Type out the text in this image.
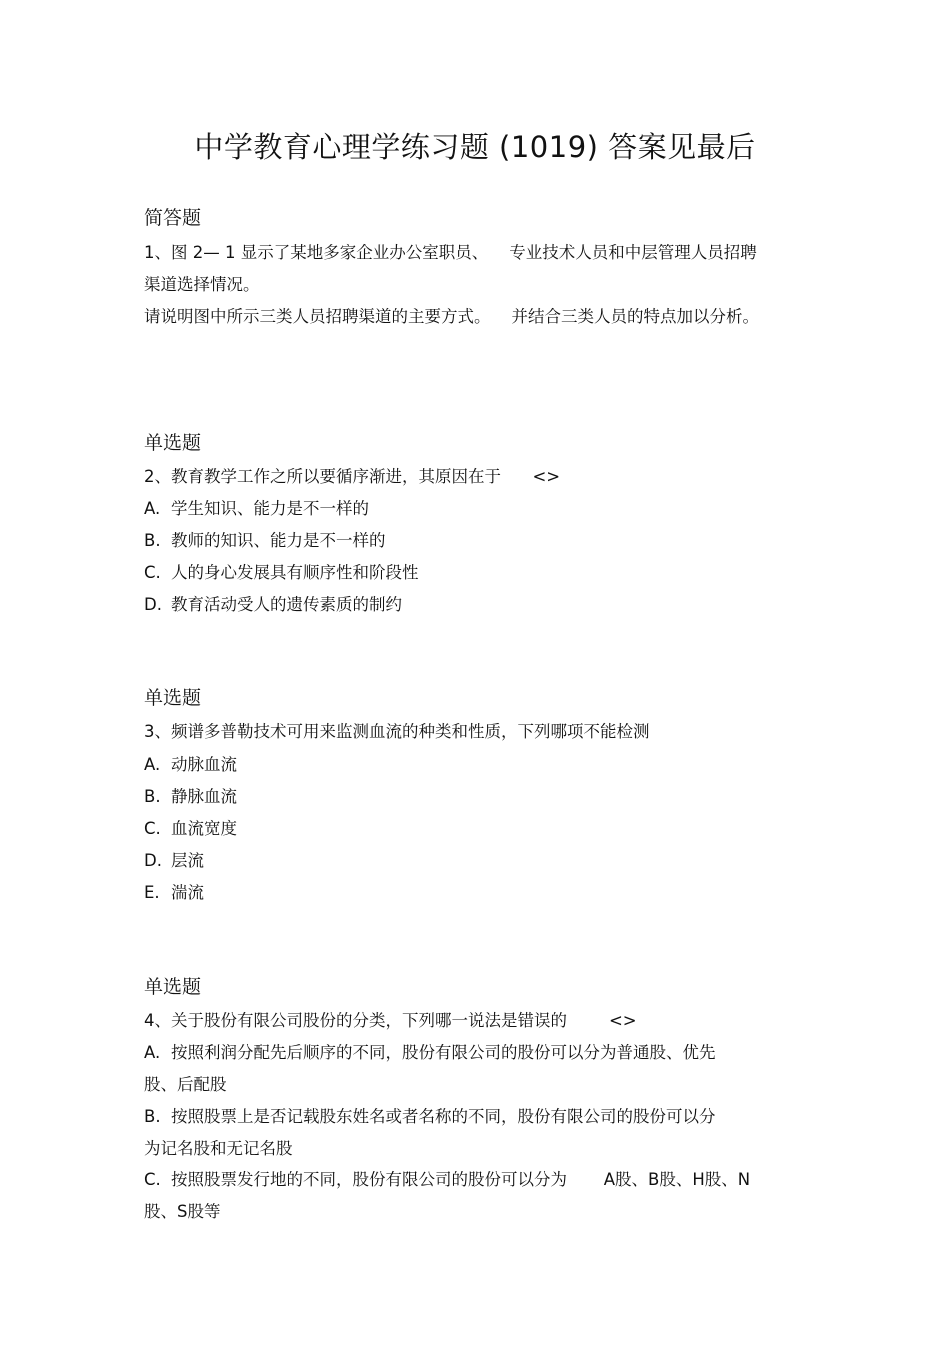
中学教育心理学练习题 (1019) 答案见最后
简答题
1、图 2— 1 显示了某地多家企业办公室职员、    专业技术人员和中层管理人员招聘
渠道选择情况。
请说明图中所示三类人员招聘渠道的主要方式。    并结合三类人员的特点加以分析。
单选题
2、教育教学工作之所以要循序渐进，其原因在于      <>
A. 学生知识、能力是不一样的
B. 教师的知识、能力是不一样的
C. 人的身心发展具有顺序性和阶段性
D. 教育活动受人的遗传素质的制约
单选题
3、频谱多普勒技术可用来监测血流的种类和性质，下列哪项不能检测
A. 动脉血流
B. 静脉血流
C. 血流宽度
D. 层流
E. 湍流
单选题
4、关于股份有限公司股份的分类，下列哪一说法是错误的        <>
A. 按照利润分配先后顺序的不同，股份有限公司的股份可以分为普通股、优先
股、后配股
B. 按照股票上是否记载股东姓名或者名称的不同，股份有限公司的股份可以分
为记名股和无记名股
C. 按照股票发行地的不同，股份有限公司的股份可以分为       A股、B股、H股、N
股、S股等
